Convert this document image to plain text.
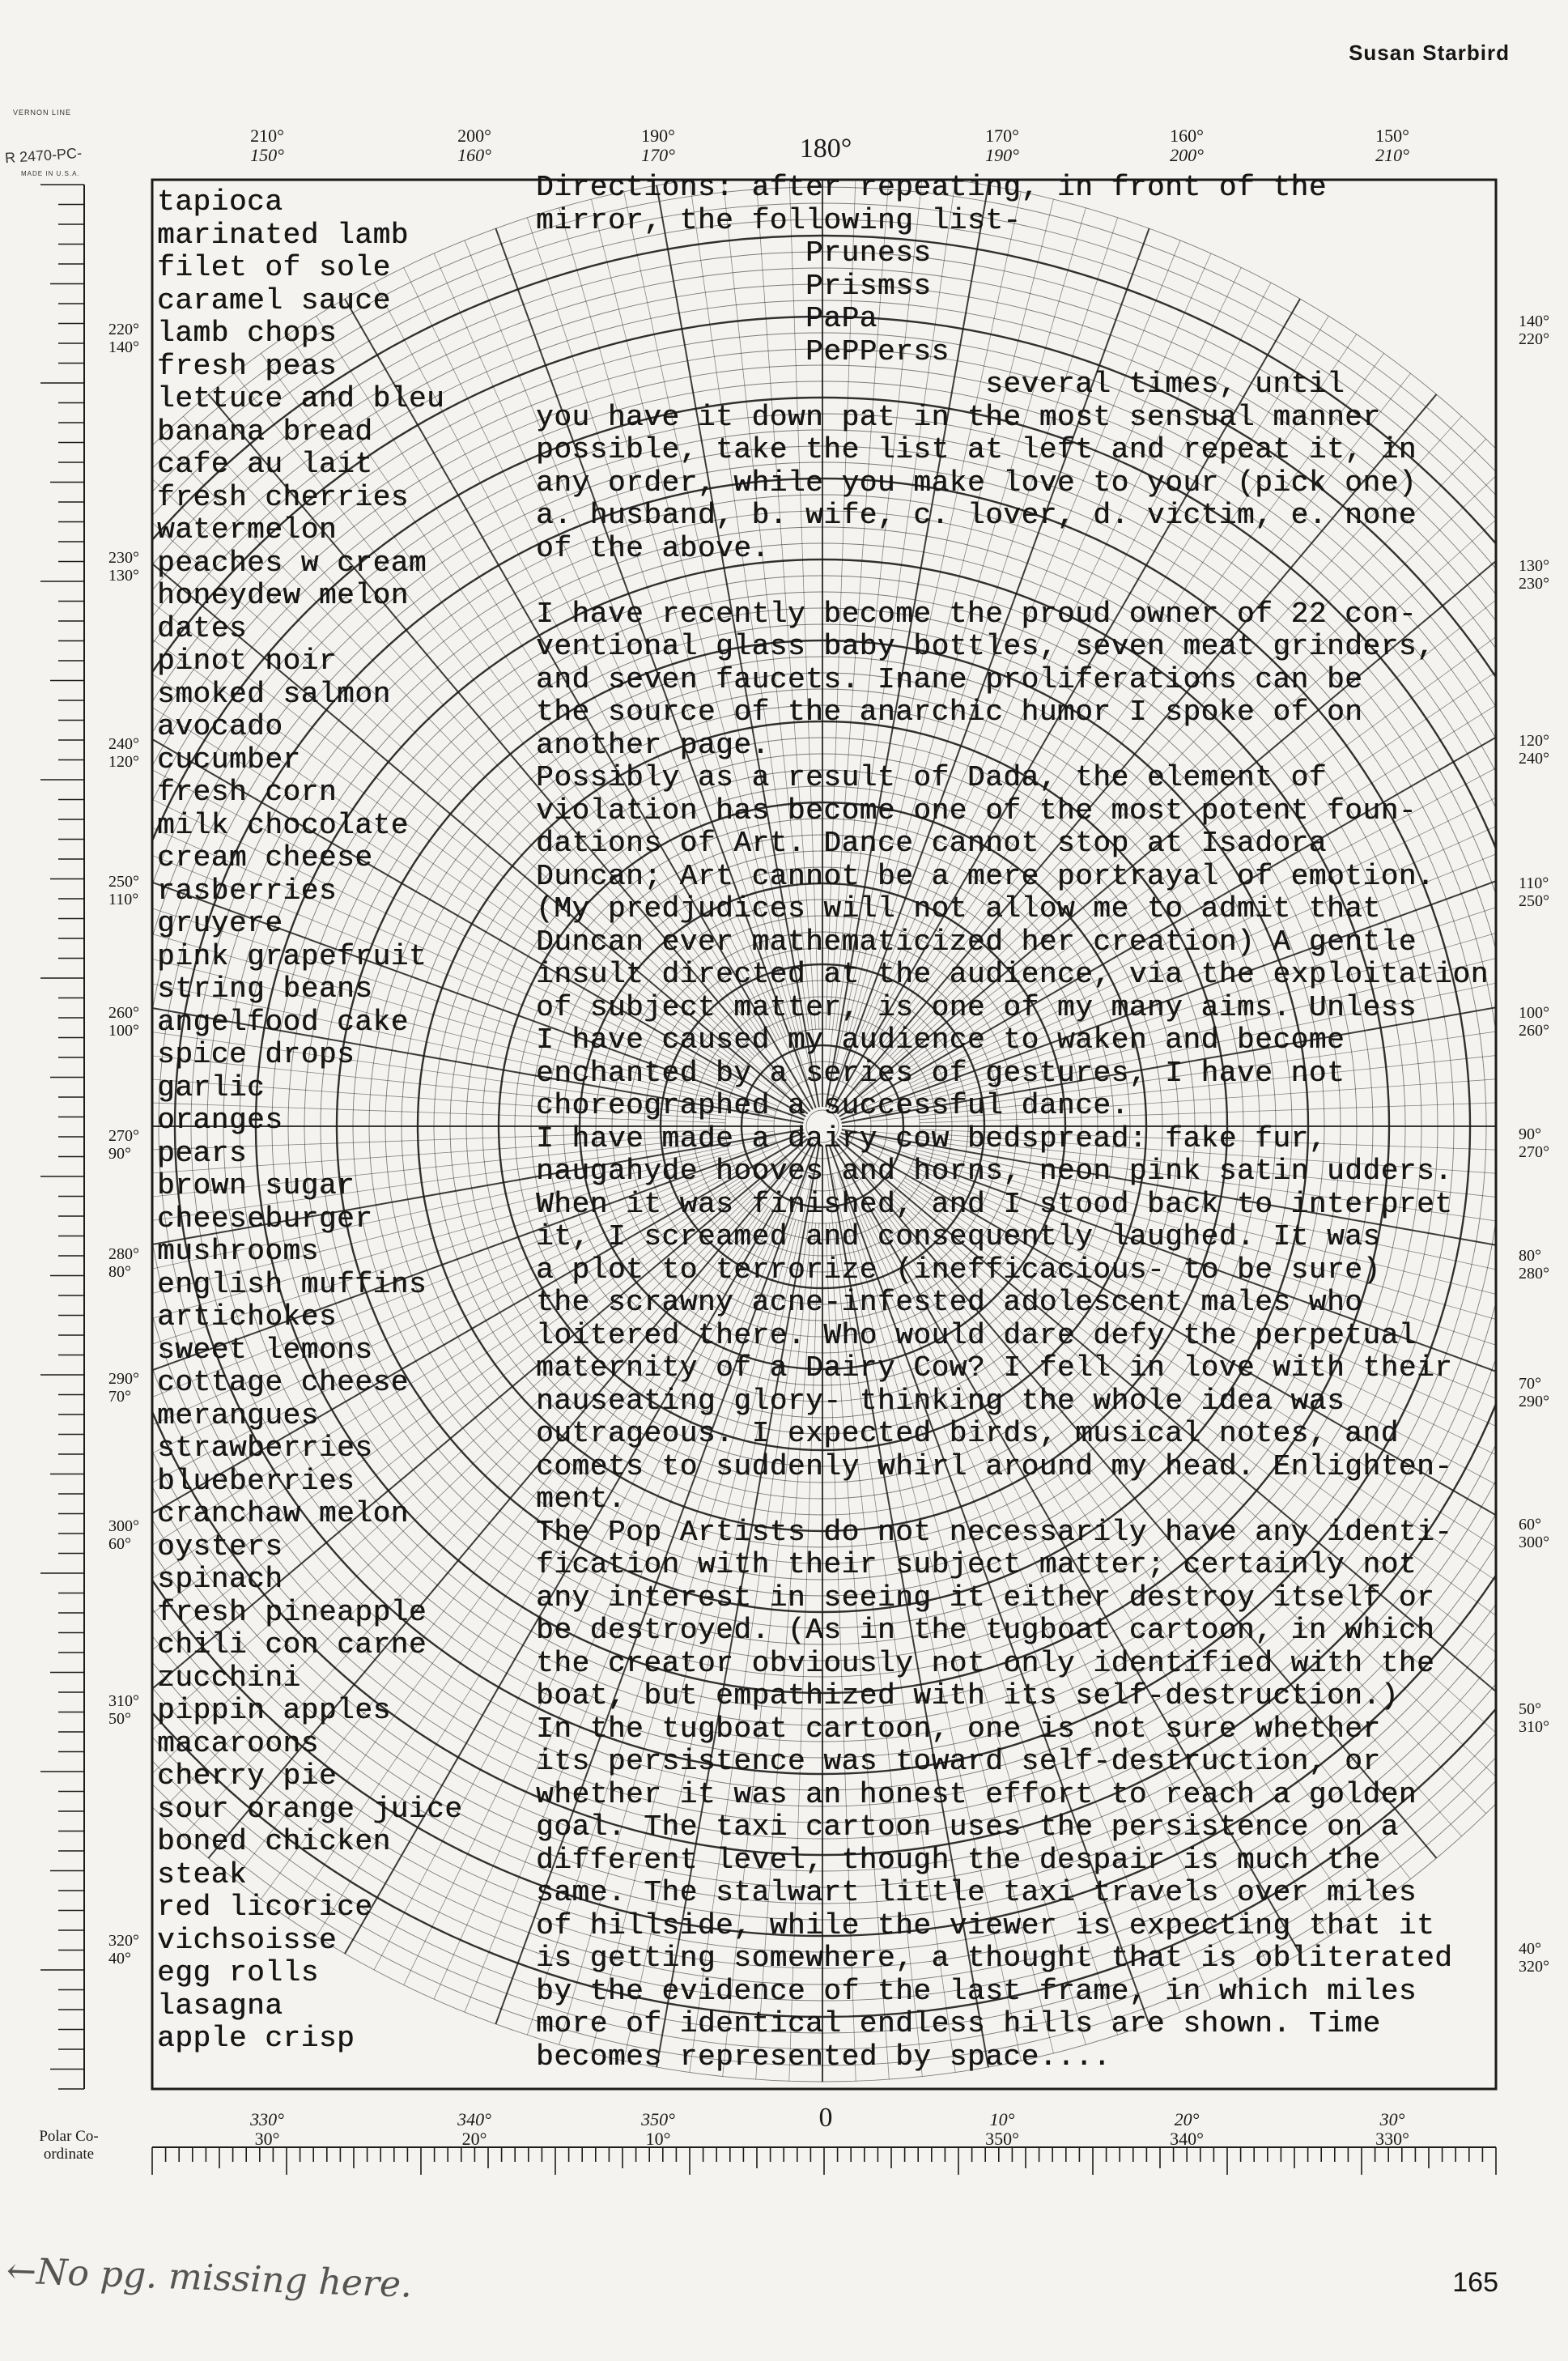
Susan Starbird
VERNON LINE
R 2470-PC-
MADE IN U.S.A.
210°
150°
200°
160°
190°
170°	180°	170°
190°
160°
200°
150°
210°
330°
30°
340°
20°
350°
10°
0	10°
350°
20°
340°
30°
330°
220°
140°
230°
130°
240°
120°
250°
110°
260°
100°
270°
90°
280°
80°
290°
70°
300°
60°
310°
50°
320°
40°
140°
220°
130°
230°
120°
240°
110°
250°
100°
260°
90°
270°
80°
280°
70°
290°
60°
300°
50°
310°
40°
320°
tapioca
marinated lamb
filet of sole
caramel sauce
lamb chops
fresh peas
lettuce and bleu
banana bread
cafe au lait
fresh cherries
watermelon
peaches w cream
honeydew melon
dates
pinot noir
smoked salmon
avocado
cucumber
fresh corn
milk chocolate
cream cheese
rasberries
gruyere
pink grapefruit
string beans
angelfood cake
spice drops
garlic
oranges
pears
brown sugar
cheeseburger
mushrooms
english muffins
artichokes
sweet lemons
cottage cheese
merangues
strawberries
blueberries
cranchaw melon
oysters
spinach
fresh pineapple
chili con carne
zucchini
pippin apples
macaroons
cherry pie
sour orange juice
boned chicken
steak
red licorice
vichsoisse
egg rolls
lasagna
apple crisp
Directions: after repeating, in front of the
mirror, the following list-
Pruness
Prismss
PaPa
PePPerss
several times, until
you have it down pat in the most sensual manner
possible, take the list at left and repeat it, in
any order, while you make love to your (pick one)
a. husband, b. wife, c. lover, d. victim, e. none
of the above.
I have recently become the proud owner of 22 con-
ventional glass baby bottles, seven meat grinders,
and seven faucets. Inane proliferations can be
the source of the anarchic humor I spoke of on
another page.
Possibly as a result of Dada, the element of
violation has become one of the most potent foun-
dations of Art. Dance cannot stop at Isadora
Duncan; Art cannot be a mere portrayal of emotion.
(My predjudices will not allow me to admit that
Duncan ever mathematicized her creation) A gentle
insult directed at the audience, via the exploitation
of subject matter, is one of my many aims. Unless
I have caused my audience to waken and become
enchanted by a series of gestures, I have not
choreographed a successful dance.
I have made a dairy cow bedspread: fake fur,
naugahyde hooves and horns, neon pink satin udders.
When it was finished, and I stood back to interpret
it, I screamed and consequently laughed. It was
a plot to terrorize (inefficacious- to be sure)
the scrawny acne-infested adolescent males who
loitered there. Who would dare defy the perpetual
maternity of a Dairy Cow? I fell in love with their
nauseating glory- thinking the whole idea was
outrageous. I expected birds, musical notes, and
comets to suddenly whirl around my head. Enlighten-
ment.
The Pop Artists do not necessarily have any identi-
fication with their subject matter; certainly not
any interest in seeing it either destroy itself or
be destroyed. (As in the tugboat cartoon, in which
the creator obviously not only identified with the
boat, but empathized with its self-destruction.)
In the tugboat cartoon, one is not sure whether
its persistence was toward self-destruction, or
whether it was an honest effort to reach a golden
goal. The taxi cartoon uses the persistence on a
different level, though the despair is much the
same. The stalwart little taxi travels over miles
of hillside, while the viewer is expecting that it
is getting somewhere, a thought that is obliterated
by the evidence of the last frame, in which miles
more of identical endless hills are shown. Time
becomes represented by space....
Polar Co-ordinate
←No pg. missing here.	165
